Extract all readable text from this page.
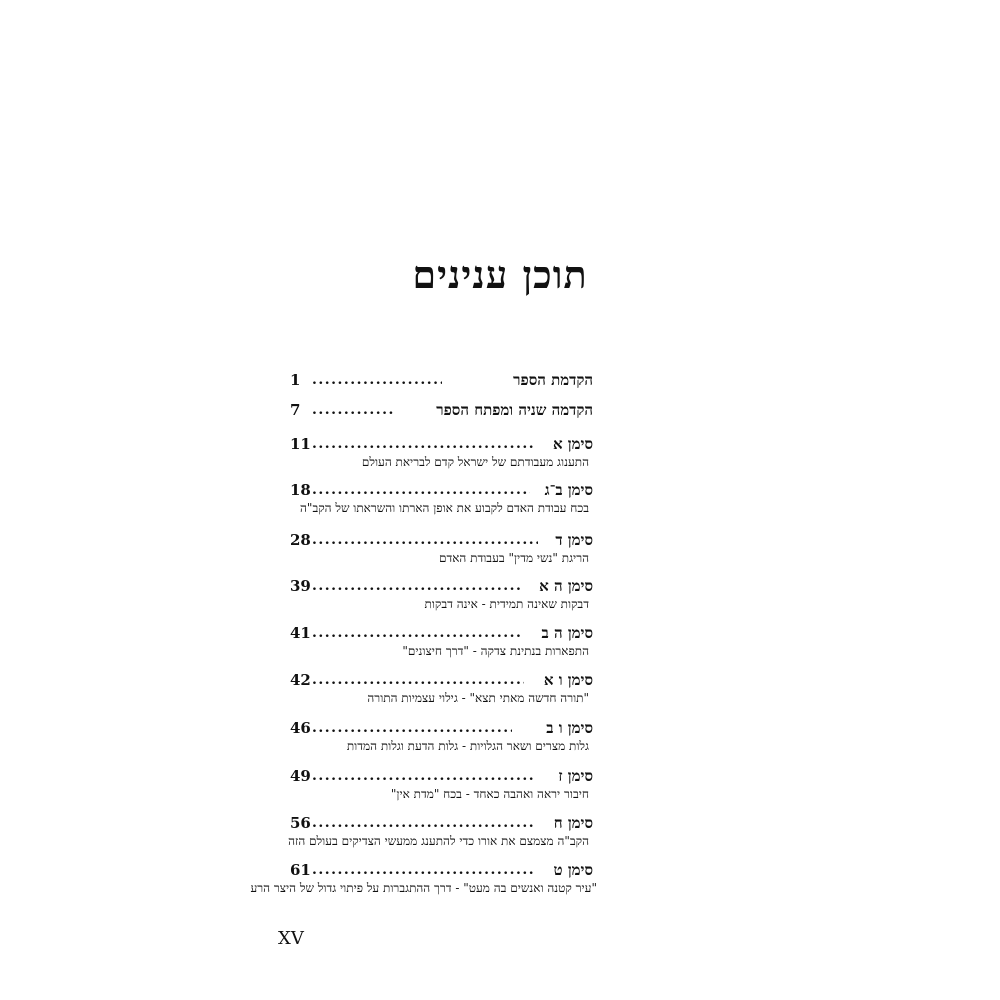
תוכן ענינים
1 .....	הקדמת הספר
7 .....	הקדמה שניה ומפתח הספר
11 .....	סימן א
התענוג מעבודתם של ישראל קדם לבריאת העולם
18 .....	סימן ב־ג
בכח עבודת האדם לקבוע את אופן הארתו והשראתו של הקב"ה
28 .....	סימן ד
הריגת "נשי מדין" בעבודת האדם
39 .....	סימן ה א
דבקות שאינה תמידית - אינה דבקות
41 .....	סימן ה ב
התפארות בנתינת צדקה - "דרך חיצונים"
42 .....	סימן ו א
"תורה חדשה מאתי תצא" - גילוי עצמיות התורה
46 .....	סימן ו ב
גלות מצרים ושאר הגלויות - גלות הדעת וגלות המדות
49 .....	סימן ז
חיבור יראה ואהבה כאחד - בכח "מדת אין"
56 .....	סימן ח
הקב"ה מצמצם את אורו כדי להתענג ממעשי הצדיקים בעולם הזה
61 .....	סימן ט
"עיר קטנה ואנשים בה מעט" - דרך ההתגברות על פיתוי גדול של היצר הרע

XV
